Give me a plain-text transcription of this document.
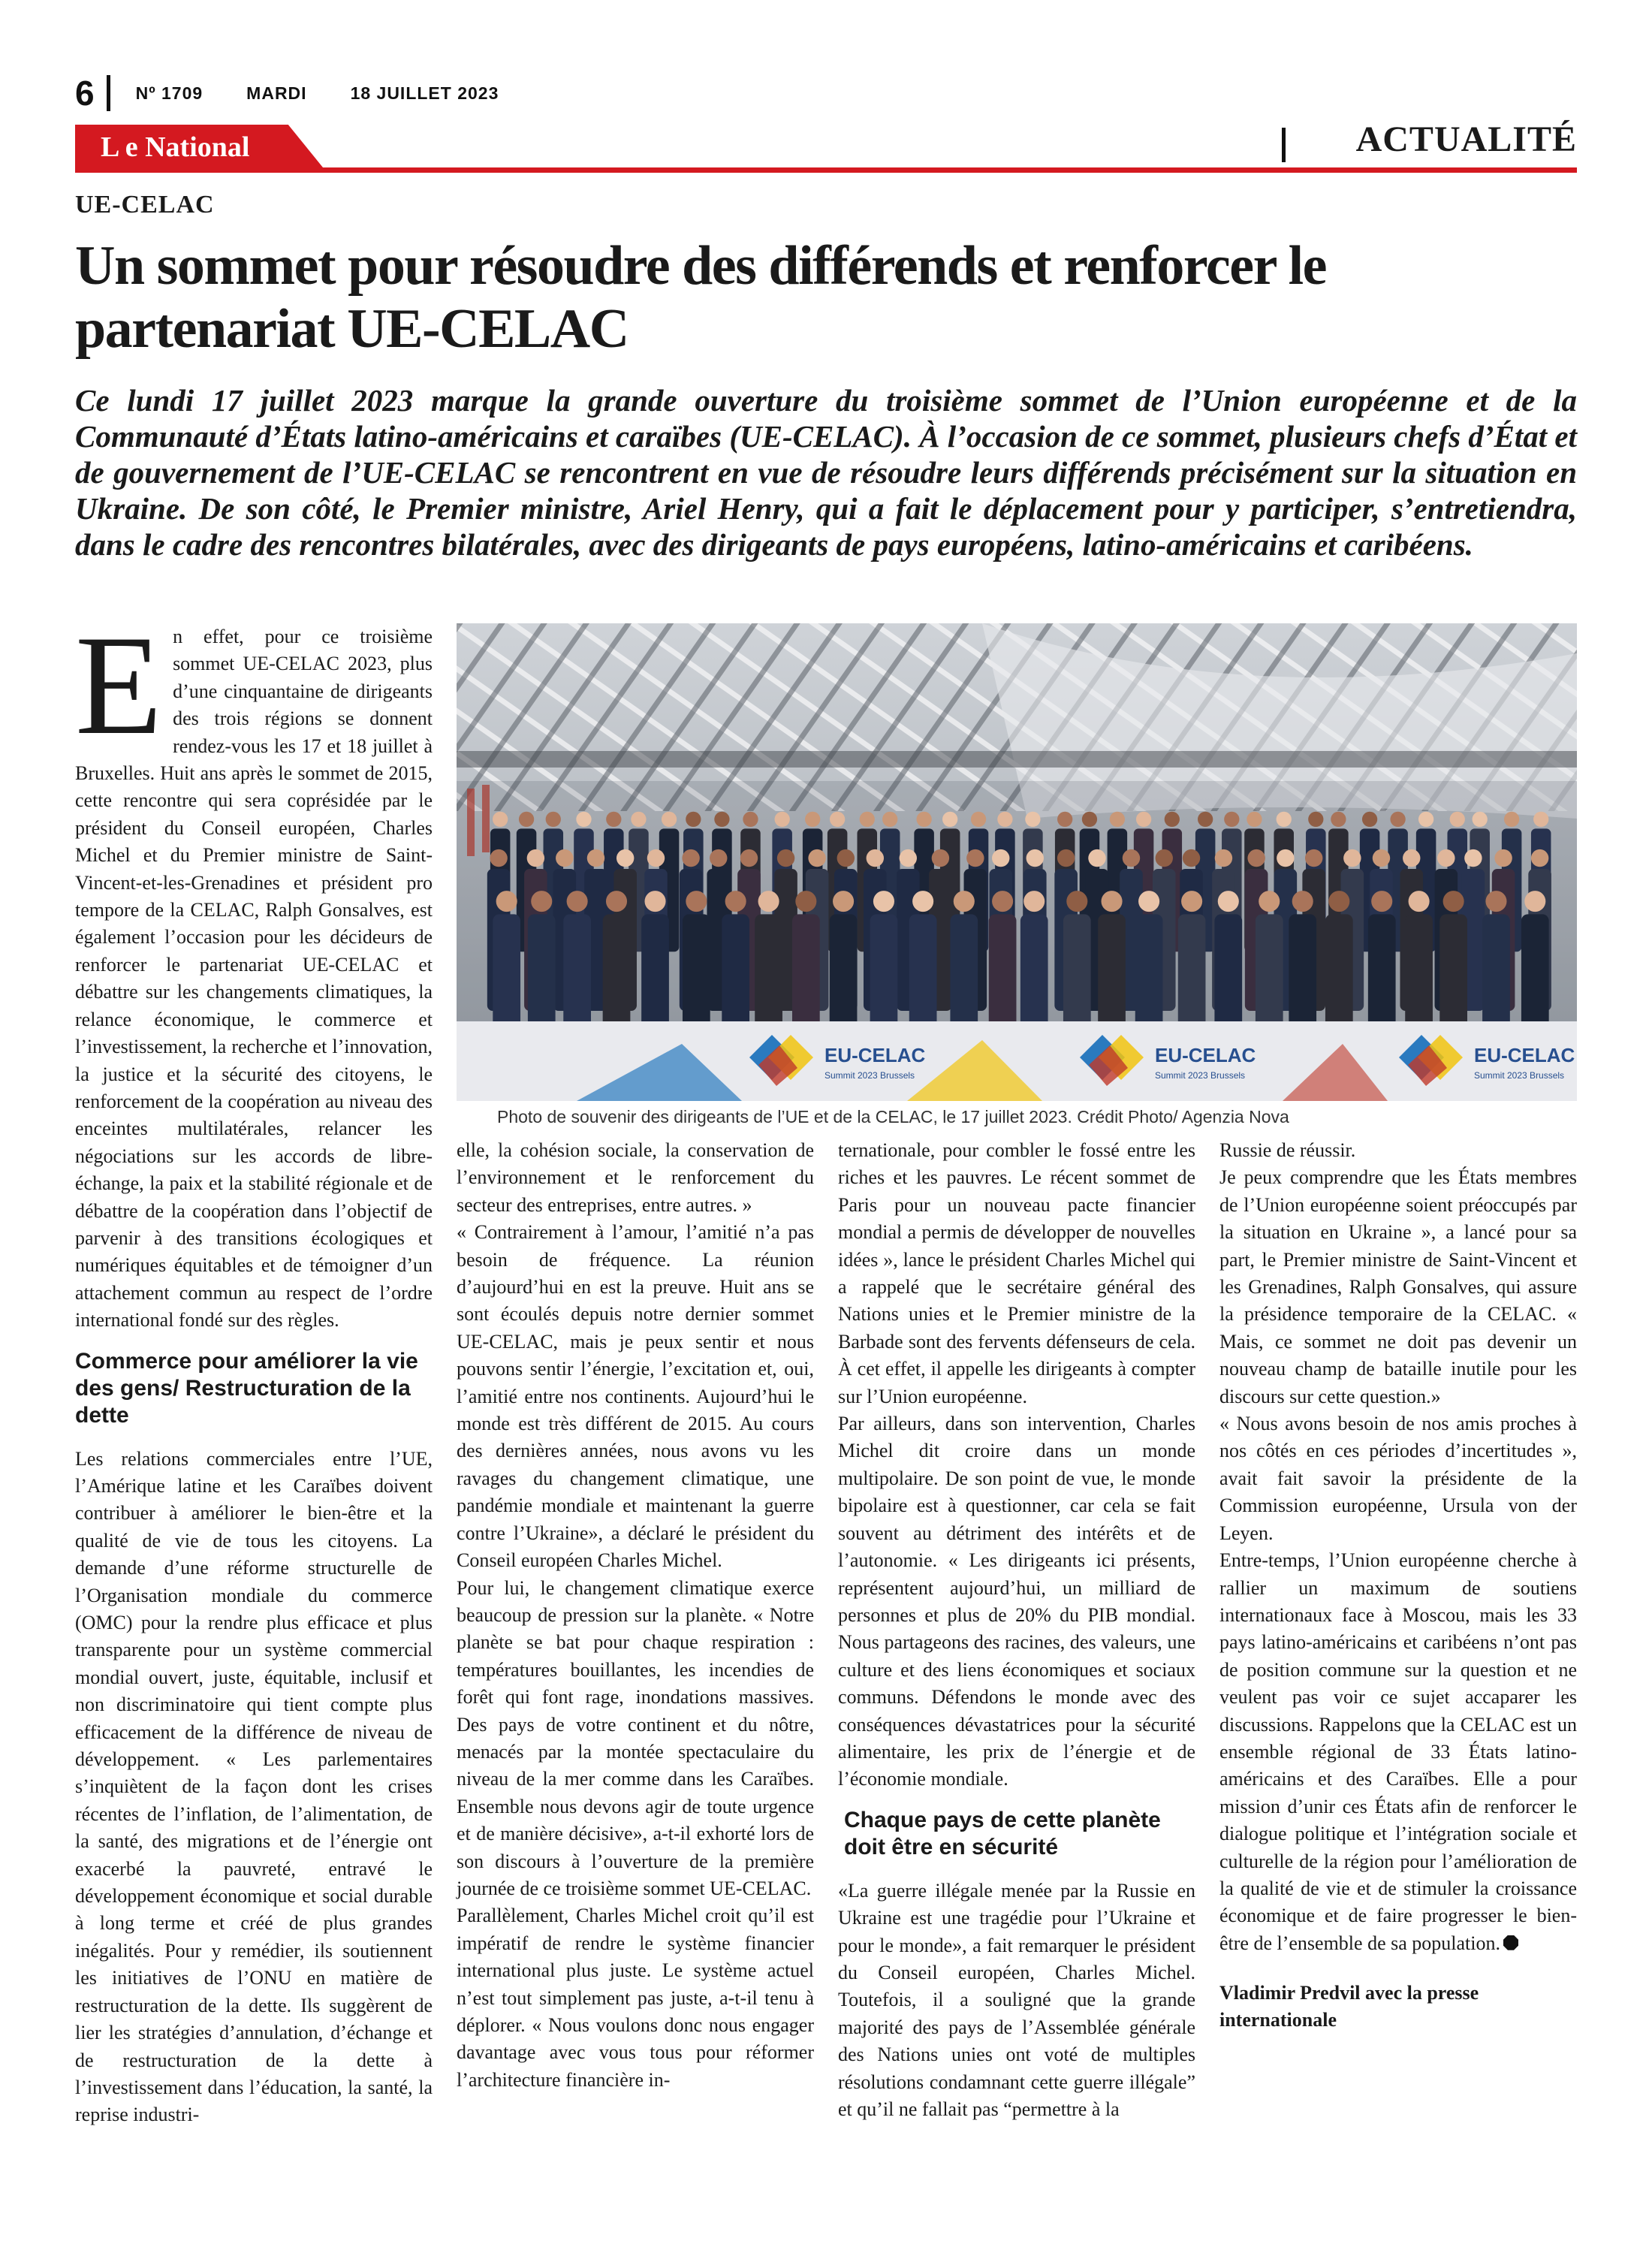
6 Nº 1709	MARDI	18 JUILLET 2023
L e National	ACTUALITÉ
UE-CELAC
Un sommet pour résoudre des différends et renforcer le partenariat UE-CELAC

Ce lundi 17 juillet 2023 marque la grande ouverture du troisième sommet de l’Union européenne et de la Communauté d’États latino-américains et caraïbes (UE-CELAC). À l’occasion de ce sommet, plusieurs chefs d’État et de gouvernement de l’UE-CELAC se rencontrent en vue de résoudre leurs différends précisément sur la situation en Ukraine. De son côté, le Premier ministre, Ariel Henry, qui a fait le déplacement pour y participer, s’entretiendra, dans le cadre des rencontres bilatérales, avec des dirigeants de pays européens, latino-américains et caribéens.

EU-CELAC
Summit 2023 Brussels
EU-CELAC
Summit 2023 Brussels
EU-CELAC
Summit 2023 Brussels
Photo de souvenir des dirigeants de l’UE et de la CELAC, le 17 juillet 2023. Crédit Photo/ Agenzia Nova

En effet, pour ce troisième sommet UE-CELAC 2023, plus d’une cinquantaine de dirigeants des trois régions se donnent rendez-vous les 17 et 18 juillet à Bruxelles. Huit ans après le sommet de 2015, cette rencontre qui sera coprésidée par le président du Conseil européen, Charles Michel et du Premier ministre de Saint-Vincent-et-les-Grenadines et président pro tempore de la CELAC, Ralph Gonsalves, est également l’occasion pour les décideurs de renforcer le partenariat UE-CELAC et débattre sur les changements climatiques, la relance économique, le commerce et l’investissement, la recherche et l’innovation, la justice et la sécurité des citoyens, le renforcement de la coopération au niveau des enceintes multilatérales, relancer les négociations sur les accords de libre-échange, la paix et la stabilité régionale et de débattre de la coopération dans l’objectif de parvenir à des transitions écologiques et numériques équitables et de témoigner d’un attachement commun au respect de l’ordre international fondé sur des règles.

Commerce pour améliorer la vie des gens/ Restructuration de la dette

Les relations commerciales entre l’UE, l’Amérique latine et les Caraïbes doivent contribuer à améliorer le bien-être et la qualité de vie de tous les citoyens. La demande d’une réforme structurelle de l’Organisation mondiale du commerce (OMC) pour la rendre plus efficace et plus transparente pour un système commercial mondial ouvert, juste, équitable, inclusif et non discriminatoire qui tient compte plus efficacement de la différence de niveau de développement. « Les parlementaires s’inquiètent de la façon dont les crises récentes de l’inflation, de l’alimentation, de la santé, des migrations et de l’énergie ont exacerbé la pauvreté, entravé le développement économique et social durable à long terme et créé de plus grandes inégalités. Pour y remédier, ils soutiennent les initiatives de l’ONU en matière de restructuration de la dette. Ils suggèrent de lier les stratégies d’annulation, d’échange et de restructuration de la dette à l’investissement dans l’éducation, la santé, la reprise industri-

elle, la cohésion sociale, la conservation de l’environnement et le renforcement du secteur des entreprises, entre autres. »

« Contrairement à l’amour, l’amitié n’a pas besoin de fréquence. La réunion d’aujourd’hui en est la preuve. Huit ans se sont écoulés depuis notre dernier sommet UE-CELAC, mais je peux sentir et nous pouvons sentir l’énergie, l’excitation et, oui, l’amitié entre nos continents. Aujourd’hui le monde est très différent de 2015. Au cours des dernières années, nous avons vu les ravages du changement climatique, une pandémie mondiale et maintenant la guerre contre l’Ukraine», a déclaré le président du Conseil européen Charles Michel.

Pour lui, le changement climatique exerce beaucoup de pression sur la planète. « Notre planète se bat pour chaque respiration : températures bouillantes, les incendies de forêt qui font rage, inondations massives. Des pays de votre continent et du nôtre, menacés par la montée spectaculaire du niveau de la mer comme dans les Caraïbes. Ensemble nous devons agir de toute urgence et de manière décisive», a-t-il exhorté lors de son discours à l’ouverture de la première journée de ce troisième sommet UE-CELAC.

Parallèlement, Charles Michel croit qu’il est impératif de rendre le système financier international plus juste. Le système actuel n’est tout simplement pas juste, a-t-il tenu à déplorer. « Nous voulons donc nous engager davantage avec vous tous pour réformer l’architecture financière in-

ternationale, pour combler le fossé entre les riches et les pauvres. Le récent sommet de Paris pour un nouveau pacte financier mondial a permis de développer de nouvelles idées », lance le président Charles Michel qui a rappelé que le secrétaire général des Nations unies et le Premier ministre de la Barbade sont des fervents défenseurs de cela. À cet effet, il appelle les dirigeants à compter sur l’Union européenne.

Par ailleurs, dans son intervention, Charles Michel dit croire dans un monde multipolaire. De son point de vue, le monde bipolaire est à questionner, car cela se fait souvent au détriment des intérêts et de l’autonomie. « Les dirigeants ici présents, représentent aujourd’hui, un milliard de personnes et plus de 20% du PIB mondial. Nous partageons des racines, des valeurs, une culture et des liens économiques et sociaux communs. Défendons le monde avec des conséquences dévastatrices pour la sécurité alimentaire, les prix de l’énergie et de l’économie mondiale.

Chaque pays de cette planète doit être en sécurité

«La guerre illégale menée par la Russie en Ukraine est une tragédie pour l’Ukraine et pour le monde», a fait remarquer le président du Conseil européen, Charles Michel. Toutefois, il a souligné que la grande majorité des pays de l’Assemblée générale des Nations unies ont voté de multiples résolutions condamnant cette guerre illégale” et qu’il ne fallait pas “permettre à la

Russie de réussir.

Je peux comprendre que les États membres de l’Union européenne soient préoccupés par la situation en Ukraine », a lancé pour sa part, le Premier ministre de Saint-Vincent et les Grenadines, Ralph Gonsalves, qui assure la présidence temporaire de la CELAC. « Mais, ce sommet ne doit pas devenir un nouveau champ de bataille inutile pour les discours sur cette question.»

« Nous avons besoin de nos amis proches à nos côtés en ces périodes d’incertitudes », avait fait savoir la présidente de la Commission européenne, Ursula von der Leyen.

Entre-temps, l’Union européenne cherche à rallier un maximum de soutiens internationaux face à Moscou, mais les 33 pays latino-américains et caribéens n’ont pas de position commune sur la question et ne veulent pas voir ce sujet accaparer les discussions. Rappelons que la CELAC est un ensemble régional de 33 États latino-américains et des Caraïbes. Elle a pour mission d’unir ces États afin de renforcer le dialogue politique et l’intégration sociale et culturelle de la région pour l’amélioration de la qualité de vie et de stimuler la croissance économique et de faire progresser le bien-être de l’ensemble de sa population.

Vladimir Predvil avec la presse internationale
